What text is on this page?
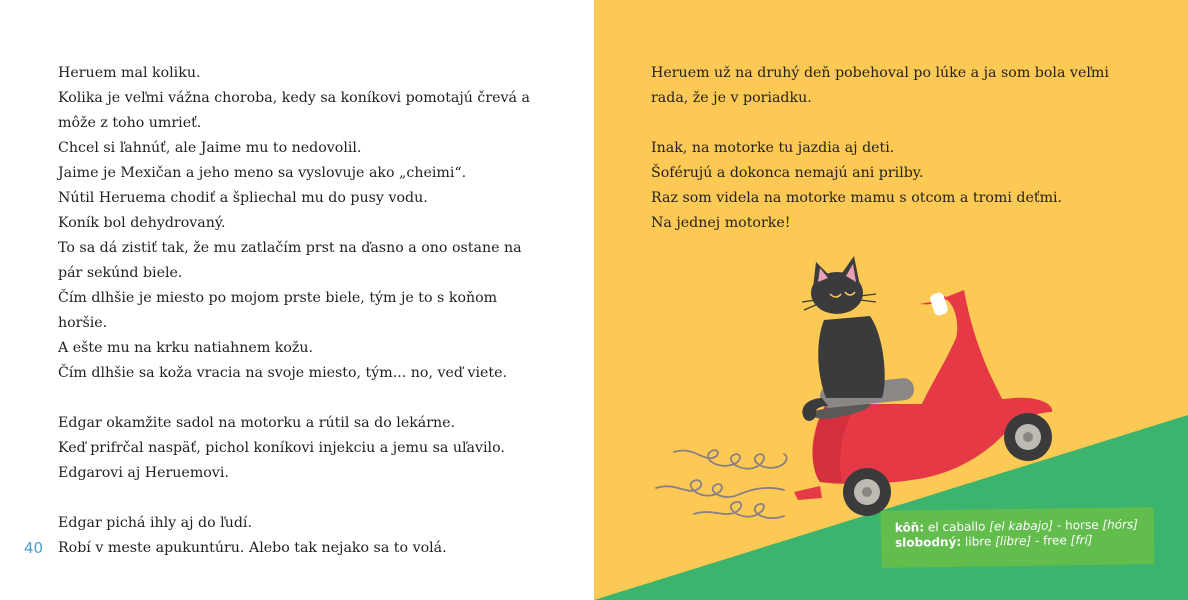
Heruem mal koliku.

Kolika je veľmi vážna choroba, kedy sa koníkovi pomotajú črevá a môže z toho umrieť.

Chcel si ľahnúť, ale Jaime mu to nedovolil.

Jaime je Mexičan a jeho meno sa vyslovuje ako „cheimi“.

Nútil Heruema chodiť a špliechal mu do pusy vodu.

Koník bol dehydrovaný.

To sa dá zistiť tak, že mu zatlačím prst na ďasno a ono ostane na pár sekúnd biele.

Čím dlhšie je miesto po mojom prste biele, tým je to s koňom horšie.

A ešte mu na krku natiahnem kožu.

Čím dlhšie sa koža vracia na svoje miesto, tým... no, veď viete.

Edgar okamžite sadol na motorku a rútil sa do lekárne.

Keď prifrčal naspäť, pichol koníkovi injekciu a jemu sa uľavilo.

Edgarovi aj Heruemovi.

Edgar pichá ihly aj do ľudí.

Robí v meste apukuntúru. Alebo tak nejako sa to volá.

40

Heruem už na druhý deň pobehoval po lúke a ja som bola veľmi rada, že je v poriadku.

Inak, na motorke tu jazdia aj deti.

Šoférujú a dokonca nemajú ani prilby.

Raz som videla na motorke mamu s otcom a tromi deťmi.

Na jednej motorke!

kôň: el caballo [el kabajo] - horse [hórs]
slobodný: libre [libre] - free [frí]
